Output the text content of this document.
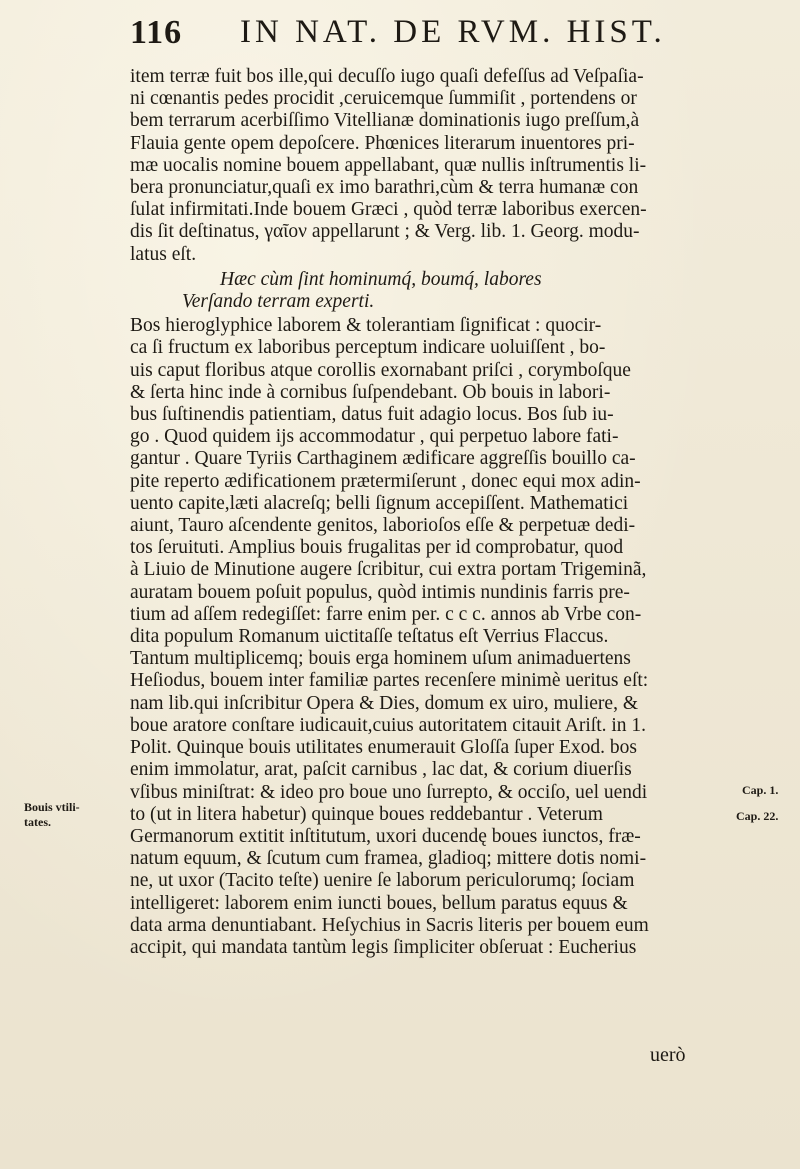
116 IN NAT. DE RVM. HIST.

item terræ fuit bos ille,qui decuſſo iugo quaſi defeſſus ad Veſpaſia-
ni cœnantis pedes procidit ,ceruicemque ſummiſit , portendens or
bem terrarum acerbiſſimo Vitellianæ dominationis iugo preſſum,à
Flauia gente opem depoſcere. Phœnices literarum inuentores pri-
mæ uocalis nomine bouem appellabant, quæ nullis inſtrumentis li-
bera pronunciatur,quaſi ex imo barathri,cùm & terra humanæ con
ſulat infirmitati.Inde bouem Græci , quòd terræ laboribus exercen-
dis ſit deſtinatus, γαῖον appellarunt ; & Verg. lib. 1. Georg. modu-
latus eſt.

Hæc cùm ſint hominumq́, boumq́, labores
Verſando terram experti.

Bos hieroglyphice laborem & tolerantiam ſignificat : quocir-
ca ſi fructum ex laboribus perceptum indicare uoluiſſent , bo-
uis caput floribus atque corollis exornabant priſci , corymboſque
& ſerta hinc inde à cornibus ſuſpendebant. Ob bouis in labori-
bus ſuſtinendis patientiam, datus fuit adagio locus. Bos ſub iu-
go . Quod quidem ijs accommodatur , qui perpetuo labore fati-
gantur . Quare Tyriis Carthaginem ædificare aggreſſis bouillo ca-
pite reperto ædificationem prætermiſerunt , donec equi mox adin-
uento capite,læti alacreſq; belli ſignum accepiſſent. Mathematici
aiunt, Tauro aſcendente genitos, laborioſos eſſe & perpetuæ dedi-
tos ſeruituti. Amplius bouis frugalitas per id comprobatur, quod
à Liuio de Minutione augere ſcribitur, cui extra portam Trigeminã,
auratam bouem poſuit populus, quòd intimis nundinis farris pre-
tium ad aſſem redegiſſet: farre enim per. c c c. annos ab Vrbe con-
dita populum Romanum uictitaſſe teſtatus eſt Verrius Flaccus.
Tantum multiplicemq; bouis erga hominem uſum animaduertens
Heſiodus, bouem inter familiæ partes recenſere minimè ueritus eſt:
nam lib.qui inſcribitur Opera & Dies, domum ex uiro, muliere, &
boue aratore conſtare iudicauit,cuius autoritatem citauit Ariſt. in 1.
Polit. Quinque bouis utilitates enumerauit Gloſſa ſuper Exod. bos
enim immolatur, arat, paſcit carnibus , lac dat, & corium diuerſis
vſibus miniſtrat: & ideo pro boue uno ſurrepto, & occiſo, uel uendi
to (ut in litera habetur) quinque boues reddebantur . Veterum
Germanorum extitit inſtitutum, uxori ducendę boues iunctos, fræ-
natum equum, & ſcutum cum framea, gladioq; mittere dotis nomi-
ne, ut uxor (Tacito teſte) uenire ſe laborum periculorumq; ſociam
intelligeret: laborem enim iuncti boues, bellum paratus equus &
data arma denuntiabant. Heſychius in Sacris literis per bouem eum
accipit, qui mandata tantùm legis ſimpliciter obſeruat : Eucherius

Bouis vtili-
tates.
Cap. 1.
Cap. 22.
uerò
